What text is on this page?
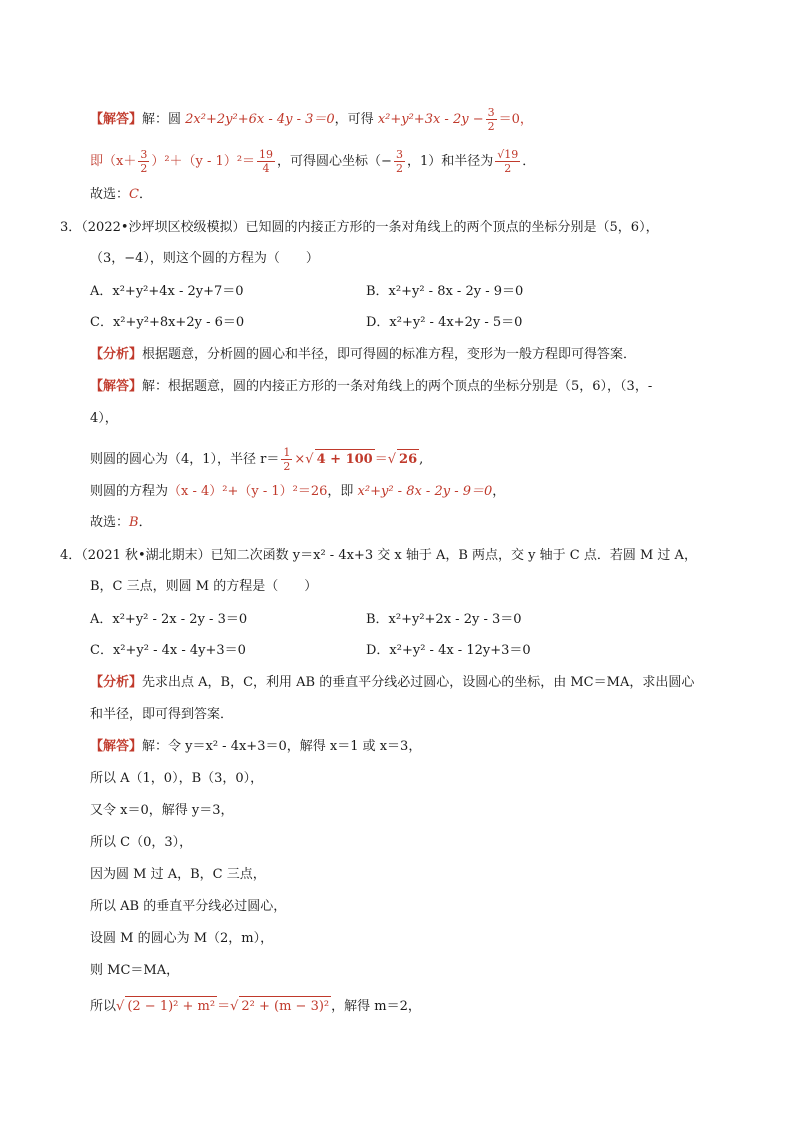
【解答】解：圆 2x²+2y²+6x - 4y - 3＝0，可得 $x^2+y^2+3x - 2y - \frac{3}{2} =0$，
即$(x+ \frac{3}{2} )^2+(y - 1)^2= \frac{19}{4}$ ，可得圆心坐标（− $\frac{3}{2}$ ，1）和半径为 $\frac{√19}{2}$ ．
故选：C．
3．（2022•沙坪坝区校级模拟）已知圆的内接正方形的一条对角线上的两个顶点的坐标分别是（5，6），
（3，−4），则这个圆的方程为（　　）
A．x²+y²+4x - 2y+7＝0	B．x²+y² - 8x - 2y - 9＝0
C．x²+y²+8x+2y - 6＝0	D．x²+y² - 4x+2y - 5＝0
【分析】根据题意，分析圆的圆心和半径，即可得圆的标准方程，变形为一般方程即可得答案．
【解答】解：根据题意，圆的内接正方形的一条对角线上的两个顶点的坐标分别是（5，6），（3，-
4），
则圆的圆心为（4，1），半径 $r= \frac{1}{2}$ ×√ 4 + 100 ＝√ 26 ,
则圆的方程为（x - 4）²+（y - 1）²＝26，即 x²+y² - 8x - 2y - 9＝0，
故选：B．
4．（2021 秋•湖北期末）已知二次函数 y＝x² - 4x+3 交 x 轴于 A，B 两点，交 y 轴于 C 点．若圆 M 过 A，
B，C 三点，则圆 M 的方程是（　　）
A．x²+y² - 2x - 2y - 3＝0	B．x²+y²+2x - 2y - 3＝0
C．x²+y² - 4x - 4y+3＝0	D．x²+y² - 4x - 12y+3＝0
【分析】先求出点 A，B，C，利用 AB 的垂直平分线必过圆心，设圆心的坐标，由 MC＝MA，求出圆心
和半径，即可得到答案．
【解答】解：令 y＝x² - 4x+3＝0，解得 x＝1 或 x＝3，
所以 A（1，0），B（3，0），
又令 x＝0，解得 y＝3，
所以 C（0，3），
因为圆 M 过 A，B，C 三点，
所以 AB 的垂直平分线必过圆心，
设圆 M 的圆心为 M（2，m），
则 MC＝MA，
所以√ (2 − 1)² + m² ＝√ 2² + (m − 3)² ，解得 m＝2，
